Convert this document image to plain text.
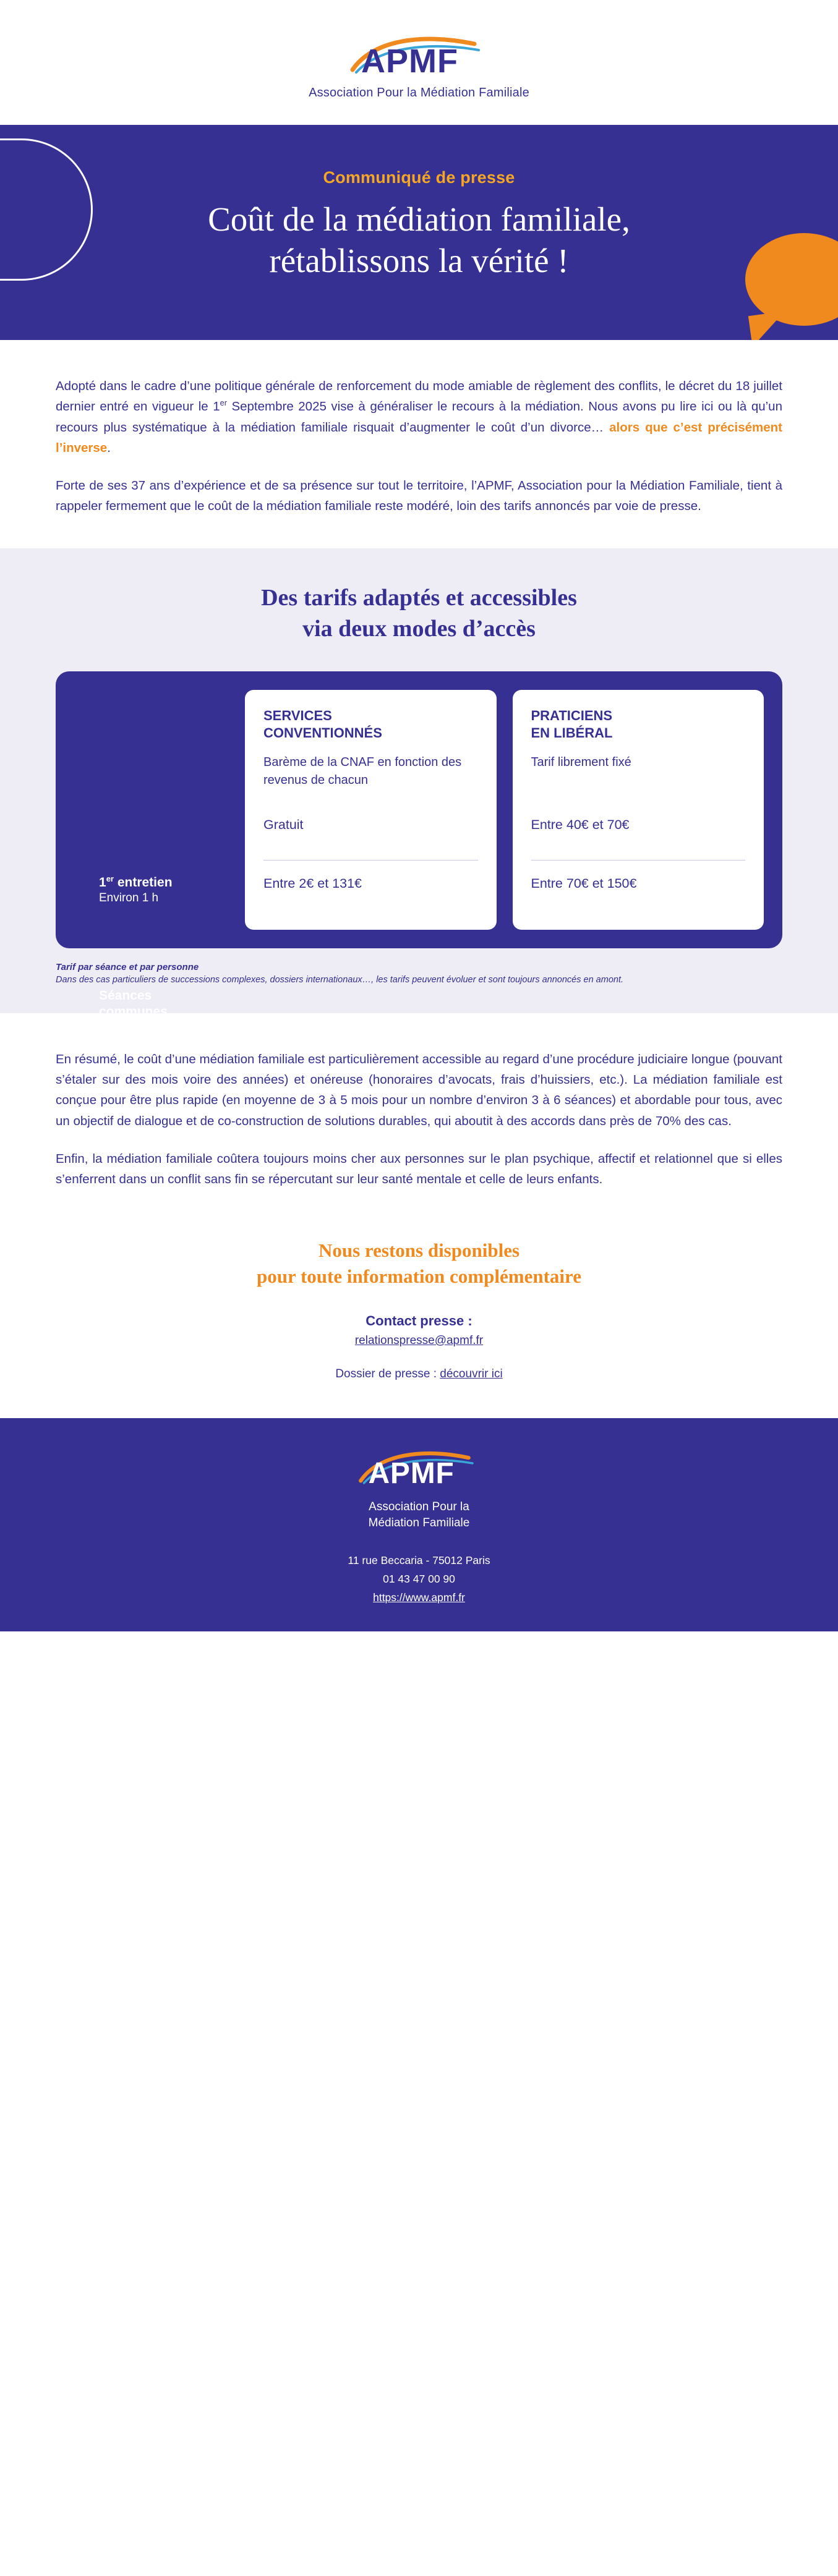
APMF
Association Pour la Médiation Familiale
Communiqué de presse
Coût de la médiation familiale, rétablissons la vérité !

Adopté dans le cadre d’une politique générale de renforcement du mode amiable de règlement des conflits, le décret du 18 juillet dernier entré en vigueur le 1er Septembre 2025 vise à généraliser le recours à la médiation. Nous avons pu lire ici ou là qu’un recours plus systématique à la médiation familiale risquait d’augmenter le coût d’un divorce… alors que c’est précisément l’inverse.

Forte de ses 37 ans d’expérience et de sa présence sur tout le territoire, l’APMF, Association pour la Médiation Familiale, tient à rappeler fermement que le coût de la médiation familiale reste modéré, loin des tarifs annoncés par voie de presse.

Des tarifs adaptés et accessibles
via deux modes d’accès
1er entretien
Environ 1 h
Séances
communes
Environ 1 h30
SERVICES
CONVENTIONNÉS
Barème de la CNAF en fonction des revenus de chacun
Gratuit
Entre 2€ et 131€
PRATICIENS
EN LIBÉRAL
Tarif librement fixé
Entre 40€ et 70€
Entre 70€ et 150€
Tarif par séance et par personne
Dans des cas particuliers de successions complexes, dossiers internationaux…, les tarifs peuvent évoluer et sont toujours annoncés en amont.

En résumé, le coût d’une médiation familiale est particulièrement accessible au regard d’une procédure judiciaire longue (pouvant s’étaler sur des mois voire des années) et onéreuse (honoraires d’avocats, frais d’huissiers, etc.). La médiation familiale est conçue pour être plus rapide (en moyenne de 3 à 5 mois pour un nombre d’environ 3 à 6 séances) et abordable pour tous, avec un objectif de dialogue et de co-construction de solutions durables, qui aboutit à des accords dans près de 70% des cas.

Enfin, la médiation familiale coûtera toujours moins cher aux personnes sur le plan psychique, affectif et relationnel que si elles s’enferrent dans un conflit sans fin se répercutant sur leur santé mentale et celle de leurs enfants.

Nous restons disponibles
pour toute information complémentaire
Contact presse :
relationspresse@apmf.fr
Dossier de presse : découvrir ici
APMF
Association Pour la
Médiation Familiale
11 rue Beccaria - 75012 Paris
01 43 47 00 90
https://www.apmf.fr
